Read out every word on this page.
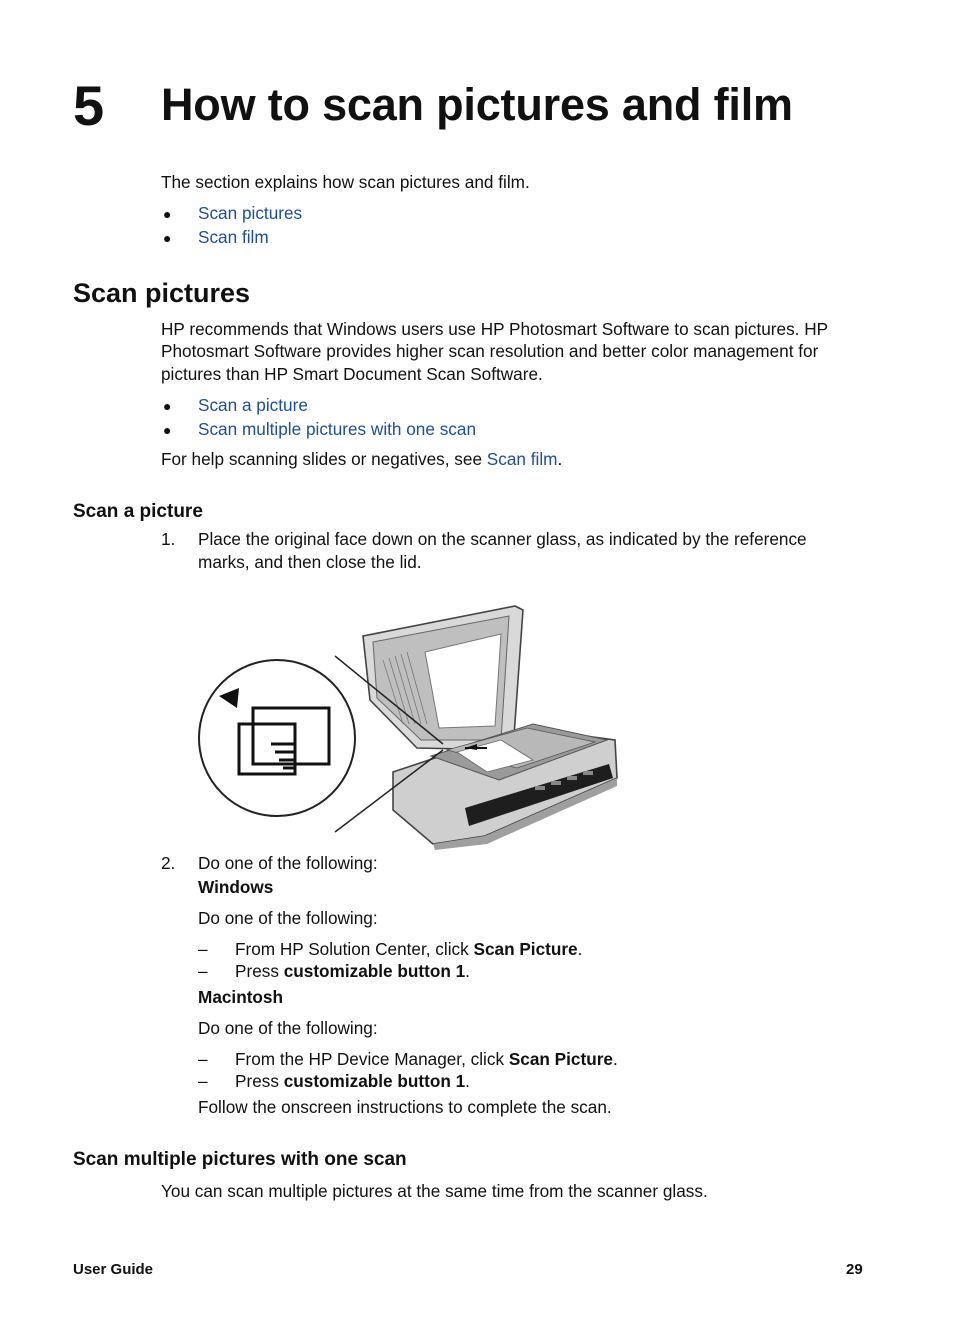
5 How to scan pictures and film
The section explains how scan pictures and film.
● Scan pictures
● Scan film
Scan pictures
HP recommends that Windows users use HP Photosmart Software to scan pictures. HP
Photosmart Software provides higher scan resolution and better color management for
pictures than HP Smart Document Scan Software.
● Scan a picture
● Scan multiple pictures with one scan
For help scanning slides or negatives, see Scan film.
Scan a picture
1. Place the original face down on the scanner glass, as indicated by the reference
marks, and then close the lid.
2. Do one of the following:
Windows
Do one of the following:
– From HP Solution Center, click Scan Picture.
– Press customizable button 1.
Macintosh
Do one of the following:
– From the HP Device Manager, click Scan Picture.
– Press customizable button 1.
Follow the onscreen instructions to complete the scan.
Scan multiple pictures with one scan
You can scan multiple pictures at the same time from the scanner glass.
User Guide	29
